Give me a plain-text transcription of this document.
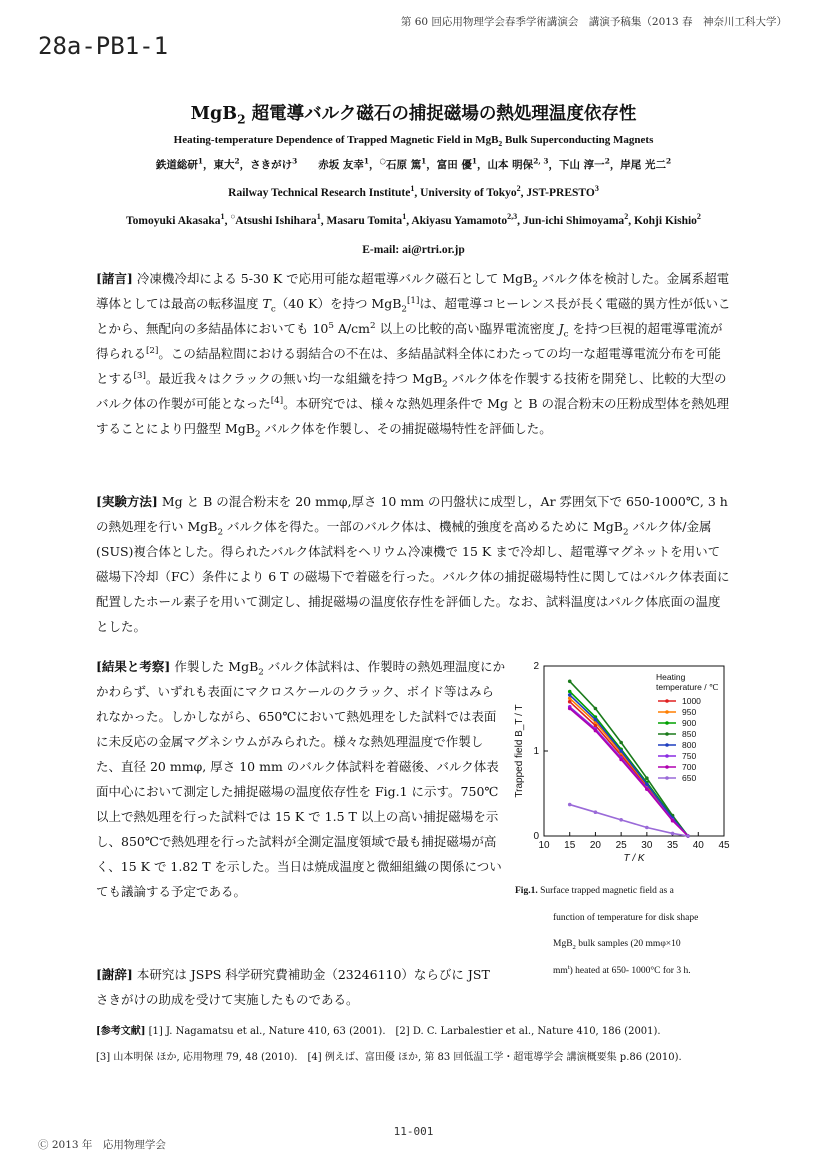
第 60 回応用物理学会春季学術講演会　講演予稿集（2013 春　神奈川工科大学）
28a-PB1-1
MgB$_2$ 超電導バルク磁石の捕捉磁場の熱処理温度依存性
Heating-temperature Dependence of Trapped Magnetic Field in MgB$_2$ Bulk Superconducting Magnets
鉄道総研$^1$，東大$^2$，さきがけ$^3$　　赤坂 友幸$^1$，○石原 篤$^1$，富田 優$^1$，山本 明保$^{2, 3}$，下山 淳一$^2$，岸尾 光二$^2$
Railway Technical Research Institute$^1$, University of Tokyo$^2$, JST-PRESTO$^3$
Tomoyuki Akasaka$^1$, ○Atsushi Ishihara$^1$, Masaru Tomita$^1$, Akiyasu Yamamoto$^{2,3}$, Jun-ichi Shimoyama$^2$, Kohji Kishio$^2$
E-mail: ai@rtri.or.jp
[諸言] 冷凍機冷却による 5-30 K で応用可能な超電導バルク磁石として MgB$_2$ バルク体を検討した。金属系超電導体としては最高の転移温度 $T_c(40$ K）を持つ MgB$_2$[1]は、超電導コヒーレンス長が長く電磁的異方性が低いことから、無配向の多結晶体においても $10^5$ $A/cm^2$ 以上の比較的高い臨界電流密度 $J_c$ を持つ巨視的超電導電流が得られる[2]。この結晶粒間における弱結合の不在は、多結晶試料全体にわたっての均一な超電導電流分布を可能とする[3]。最近我々はクラックの無い均一な組織を持つ MgB$_2$ バルク体を作製する技術を開発し、比較的大型のバルク体の作製が可能となった[4]。本研究では、様々な熱処理条件で Mg と B の混合粉末の圧粉成型体を熱処理することにより円盤型 MgB$_2$ バルク体を作製し、その捕捉磁場特性を評価した。
[実験方法] Mg と B の混合粉末を 20 mmφ,厚さ 10 mm の円盤状に成型し，Ar 雰囲気下で 650-1000℃, 3 h の熱処理を行い MgB$_2$ バルク体を得た。一部のバルク体は、機械的強度を高めるために MgB$_2$ バルク体/金属(SUS)複合体とした。得られたバルク体試料をヘリウム冷凍機で 15 K まで冷却し、超電導マグネットを用いて磁場下冷却（FC）条件により 6 T の磁場下で着磁を行った。バルク体の捕捉磁場特性に関してはバルク体表面に配置したホール素子を用いて測定し、捕捉磁場の温度依存性を評価した。なお、試料温度はバルク体底面の温度とした。
[結果と考察] 作製した MgB$_2$ バルク体試料は、作製時の熱処理温度にかかわらず、いずれも表面にマクロスケールのクラック、ボイド等はみられなかった。しかしながら、650℃において熱処理をした試料では表面に未反応の金属マグネシウムがみられた。様々な熱処理温度で作製した、直径 20 mmφ, 厚さ 10 mm のバルク体試料を着磁後、バルク体表面中心において測定した捕捉磁場の温度依存性を Fig.1 に示す。750℃以上で熱処理を行った試料では 15 K で 1.5 T 以上の高い捕捉磁場を示し、850℃で熱処理を行った試料が全測定温度領域で最も捕捉磁場が高く、15 K で 1.82 T を示した。当日は焼成温度と微細組織の関係についても議論する予定である。
[謝辞] 本研究は JSPS 科学研究費補助金（23246110）ならびに JST さきがけの助成を受けて実施したものである。
10 15 20 25 30 35 40 45
0
1
2
T / K
Trapped field B_T / T
Heating
temperature / ℃
1000
950
900
850
800
750
700
650
Fig.1. Surface trapped magnetic field as a
function of temperature for disk shape
MgB$_2$ bulk samples (20 mmφ×10
$mm^t$) heated at 650- 1000°C for 3 h.
[参考文献] [1] J. Nagamatsu et al., Nature 410, 63 (2001).　[2] D. C. Larbalestier et al., Nature 410, 186 (2001).
[3] 山本明保 ほか, 応用物理 79, 48 (2010).　[4] 例えば、富田優 ほか, 第 83 回低温工学・超電導学会 講演概要集 p.86 (2010).
11-001
Ⓒ 2013 年　応用物理学会
